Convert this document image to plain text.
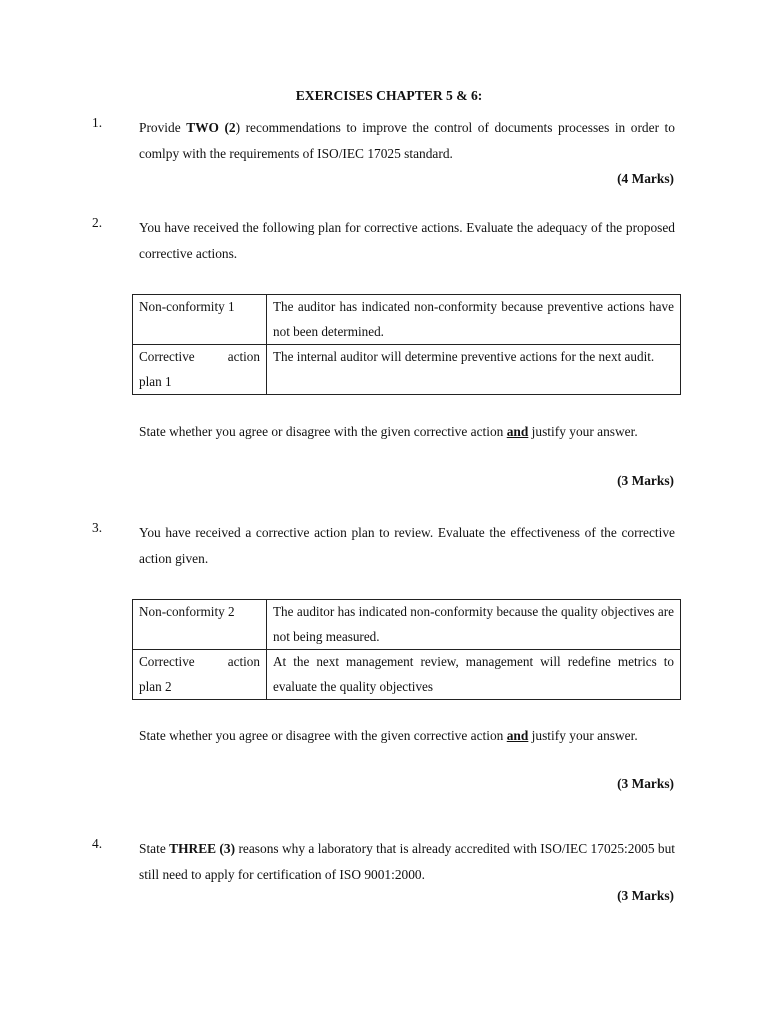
EXERCISES CHAPTER 5 & 6:
1.	Provide TWO (2) recommendations to improve the control of documents processes in order to comlpy with the requirements of ISO/IEC 17025 standard.
(4 Marks)
2.	You have received the following plan for corrective actions. Evaluate the adequacy of the proposed corrective actions.
Non-conformity 1	The auditor has indicated non-conformity because preventive actions have not been determined.

Corrective action
plan 1	The internal auditor will determine preventive actions for the next audit.
State whether you agree or disagree with the given corrective action and justify your answer.
(3 Marks)
3.	You have received a corrective action plan to review. Evaluate the effectiveness of the corrective action given.
Non-conformity 2	The auditor has indicated non-conformity because the quality objectives are not being measured.

Corrective action
plan 2	At the next management review, management will redefine metrics to evaluate the quality objectives
State whether you agree or disagree with the given corrective action and justify your answer.
(3 Marks)
4.	State THREE (3) reasons why a laboratory that is already accredited with ISO/IEC 17025:2005 but still need to apply for certification of ISO 9001:2000.
(3 Marks)
